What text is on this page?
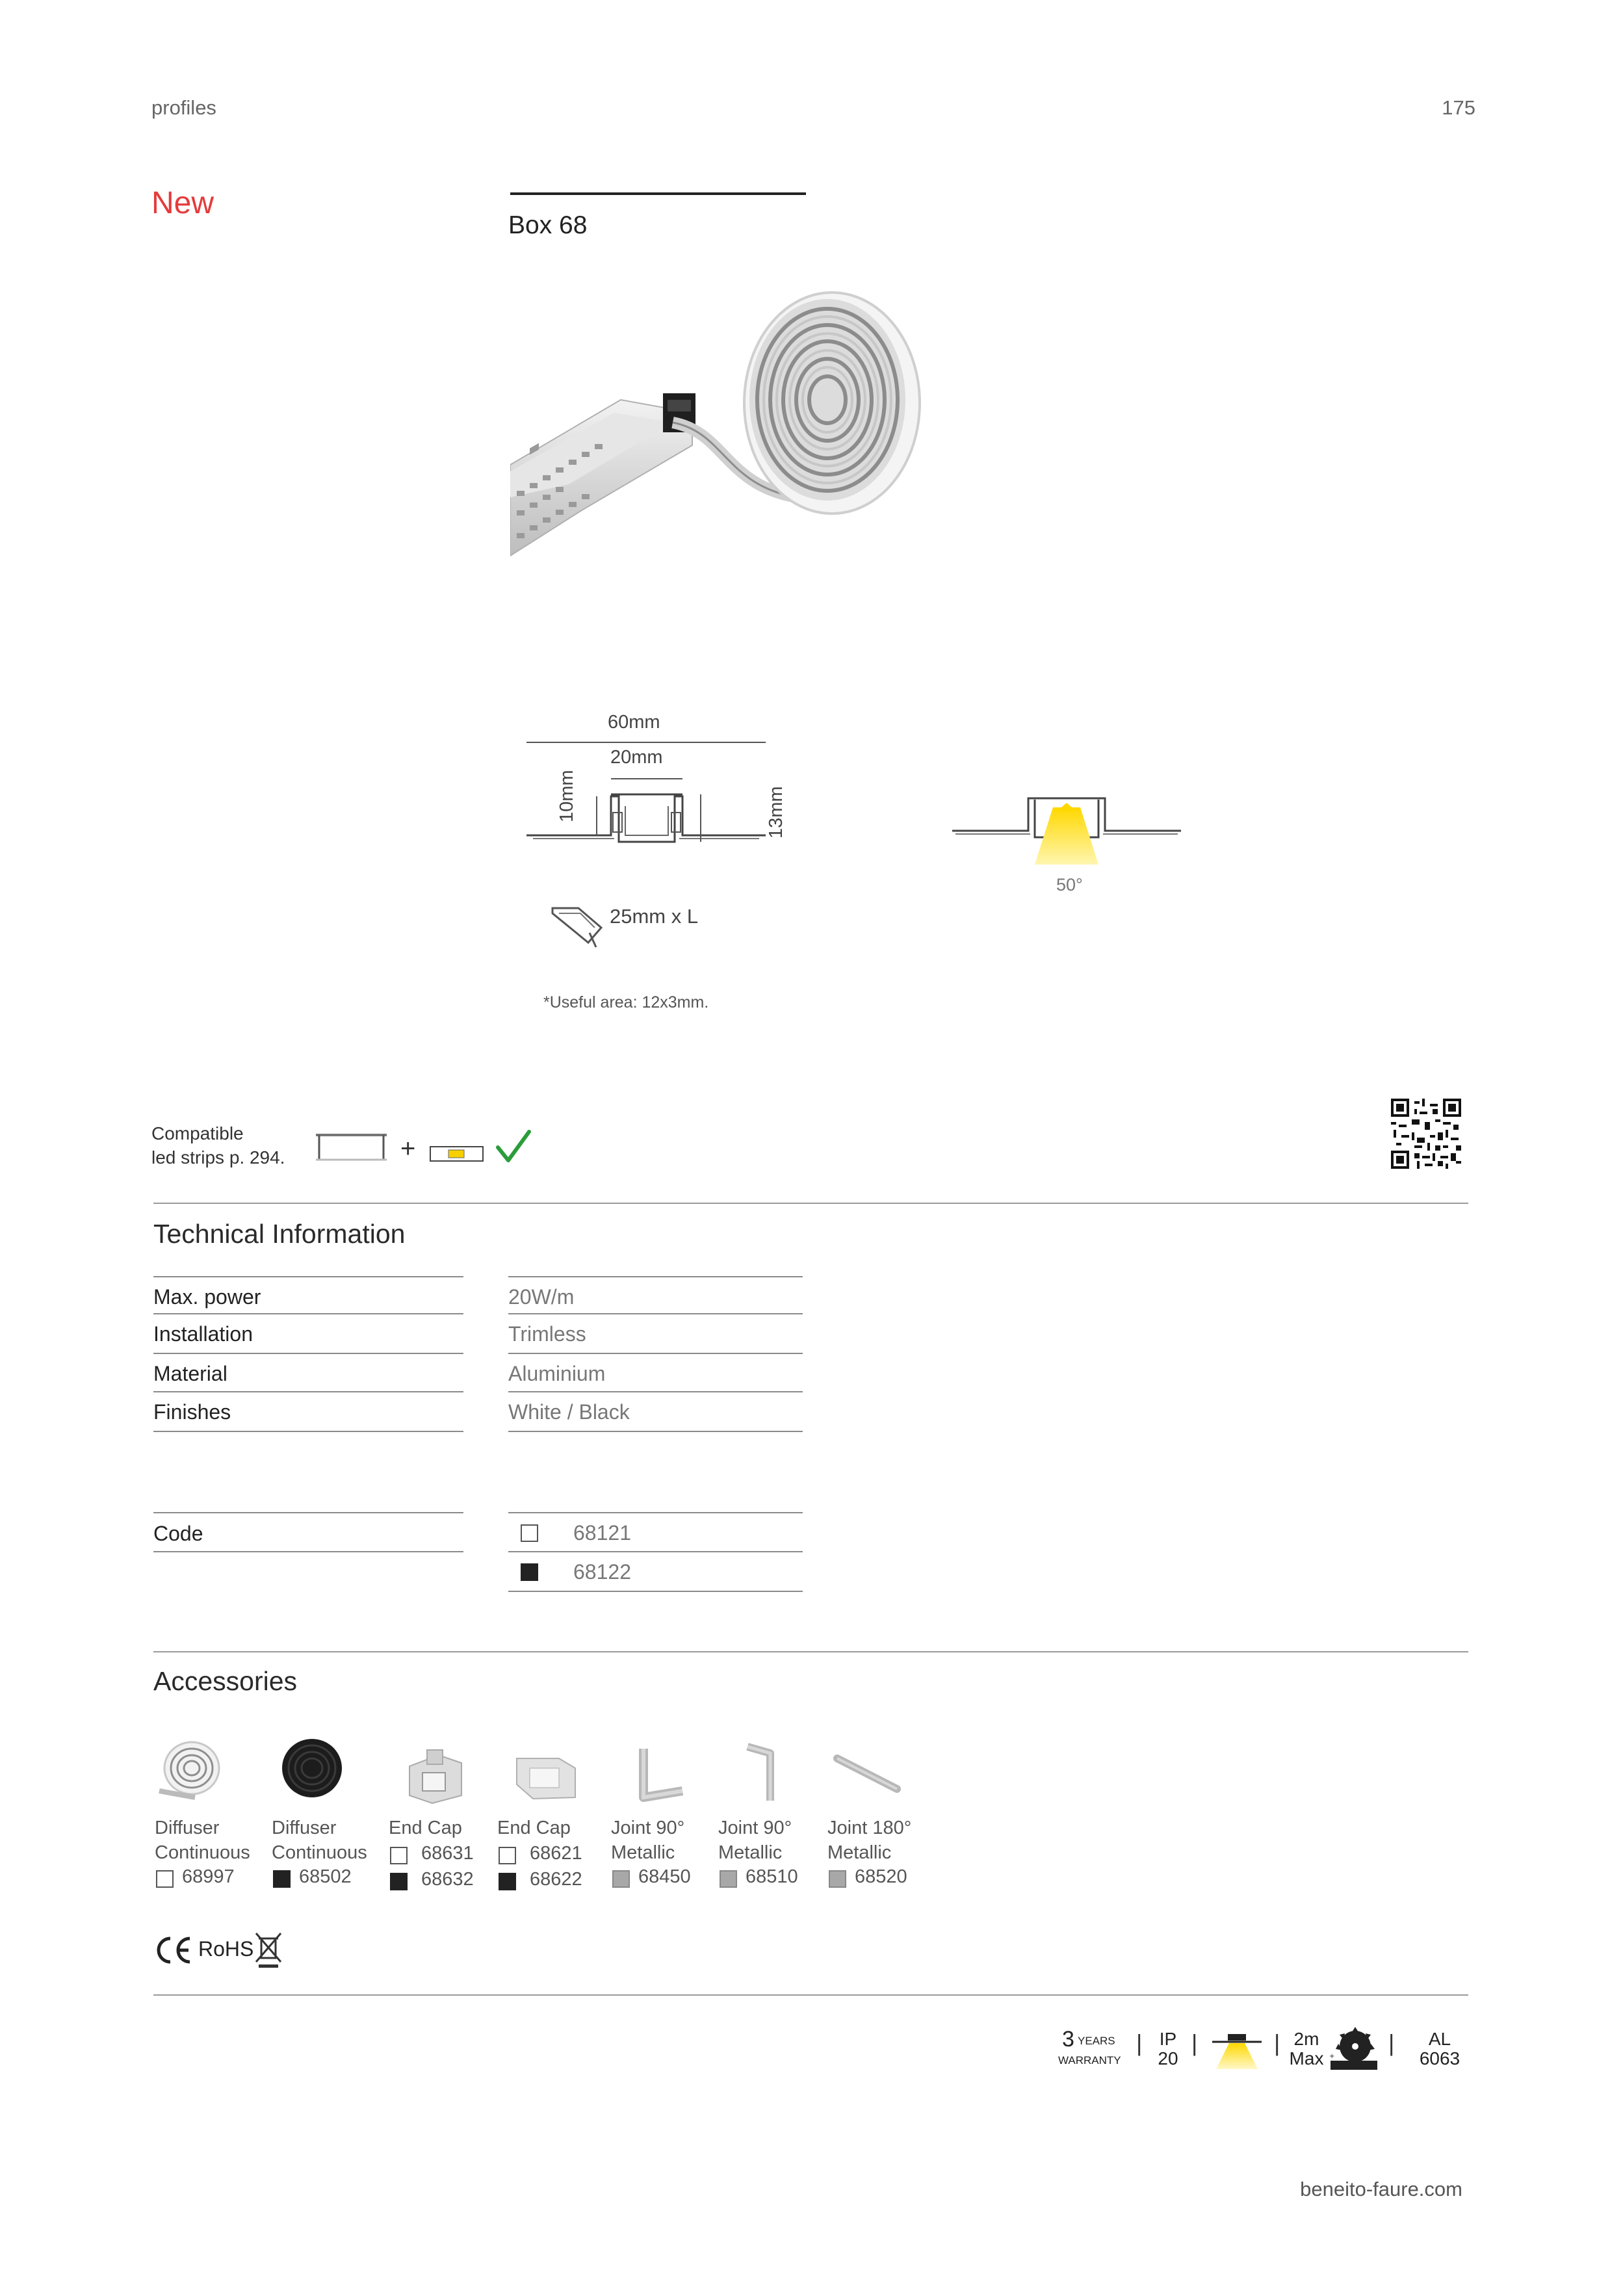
profiles	175
New
Box 68
60mm
20mm
10mm	13mm
50°
25mm x L
*Useful area: 12x3mm.
Compatible
led strips p. 294.	+
Technical Information
Max. power	20W/m
Installation	Trimless
Material	Aluminium
Finishes	White / Black
Code	68121
68122
Accessories
Diffuser
Continuous
68997
Diffuser
Continuous
68502
End Cap
68631
68632
End Cap
68621
68622
Joint 90°
Metallic
68450
Joint 90°
Metallic
68510
Joint 180°
Metallic
68520
RoHS
3 YEARS
WARRANTY
| IP
20
|	| 2m
Max +
|	AL
6063
beneito-faure.com
